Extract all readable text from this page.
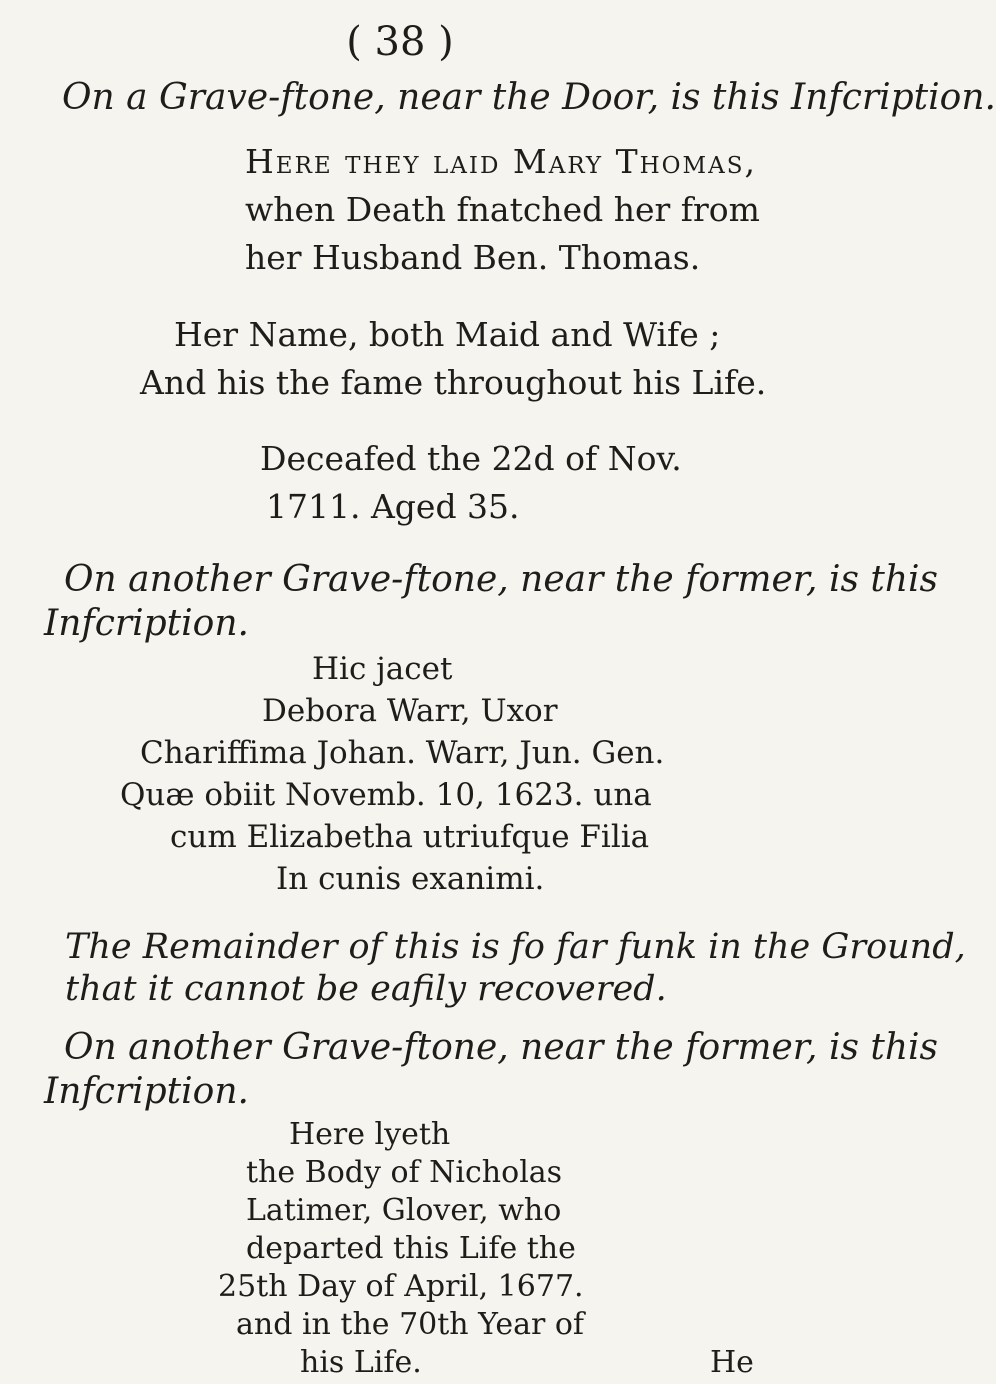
( 38 )
On a Grave-ftone, near the Door, is this Infcription.
Here they laid Mary Thomas,
when Death fnatched her from
her Husband Ben. Thomas.
Her Name, both Maid and Wife ;
And his the fame throughout his Life.
Deceafed the 22d of Nov.
1711. Aged 35.
On another Grave-ftone, near the former, is this
Infcription.
Hic jacet
Debora Warr, Uxor
Chariffima Johan. Warr, Jun. Gen.
Quæ obiit Novemb. 10, 1623. una
cum Elizabetha utriufque Filia
In cunis exanimi.
The Remainder of this is fo far funk in the Ground,
that it cannot be eafily recovered.
On another Grave-ftone, near the former, is this
Infcription.
Here lyeth
the Body of Nicholas
Latimer, Glover, who
departed this Life the
25th Day of April, 1677.
and in the 70th Year of
his Life.	He
